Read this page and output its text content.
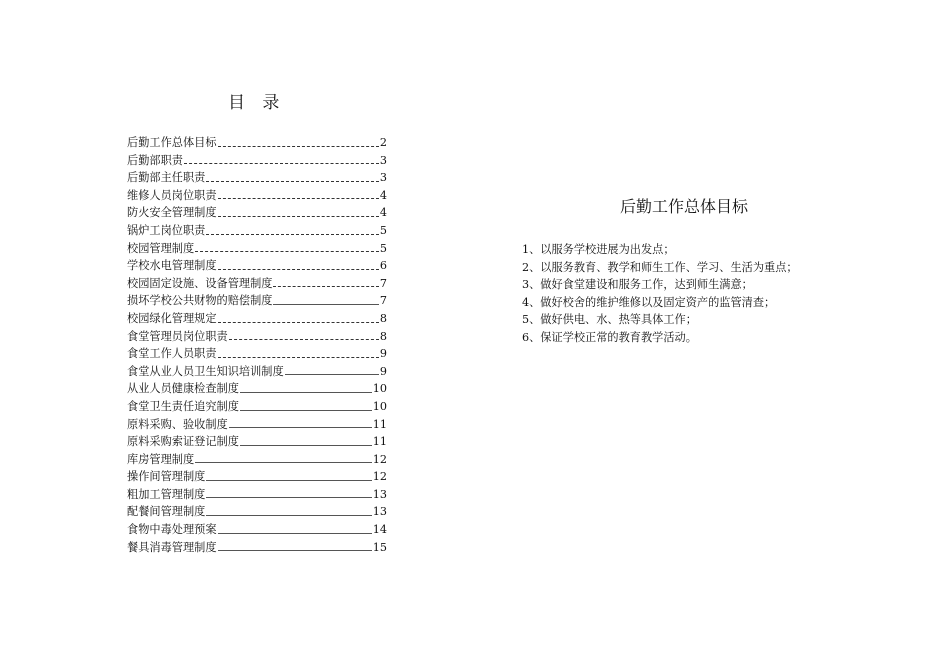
目 录
后勤工作总体目标	2
后勤部职责	3
后勤部主任职责	3
维修人员岗位职责	4
防火安全管理制度	4
锅炉工岗位职责	5
校园管理制度	5
学校水电管理制度	6
校园固定设施、设备管理制度	7
损坏学校公共财物的赔偿制度	7
校园绿化管理规定	8
食堂管理员岗位职责	8
食堂工作人员职责	9
食堂从业人员卫生知识培训制度	9
从业人员健康检查制度	10
食堂卫生责任追究制度	10
原料采购、验收制度	11
原料采购索证登记制度	11
库房管理制度	12
操作间管理制度	12
粗加工管理制度	13
配餐间管理制度	13
食物中毒处理预案	14
餐具消毒管理制度	15
后勤工作总体目标
1、以服务学校进展为出发点；
2、以服务教育、教学和师生工作、学习、生活为重点；
3、做好食堂建设和服务工作，达到师生满意；
4、做好校舍的维护维修以及固定资产的监管清查；
5、做好供电、水、热等具体工作；
6、保证学校正常的教育教学活动。
